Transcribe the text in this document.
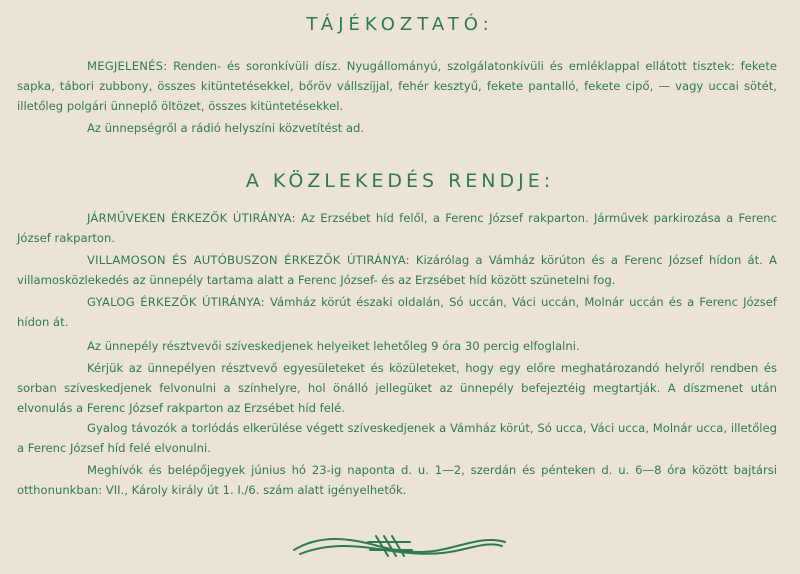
TÁJÉKOZTATÓ:

MEGJELENÉS: Renden- és soronkívüli dísz. Nyugállományú, szolgálatonkívüli és emléklappal ellátott tisztek: fekete sapka, tábori zubbony, összes kitüntetésekkel, bőröv vállszíjjal, fehér kesztyű, fekete pantalló, fekete cipő, — vagy uccai sötét, illetőleg polgári ünneplő öltözet, összes kitüntetésekkel.

Az ünnepségről a rádió helyszíni közvetítést ad.

A KÖZLEKEDÉS RENDJE:

JÁRMŰVEKEN ÉRKEZŐK ÚTIRÁNYA: Az Erzsébet híd felől, a Ferenc József rakparton. Járművek parkirozása a Ferenc József rakparton.

VILLAMOSON ÉS AUTÓBUSZON ÉRKEZŐK ÚTIRÁNYA: Kizárólag a Vámház körúton és a Ferenc József hídon át. A villamosközlekedés az ünnepély tartama alatt a Ferenc József- és az Erzsébet híd között szünetelni fog.

GYALOG ÉRKEZŐK ÚTIRÁNYA: Vámház körút északi oldalán, Só uccán, Váci uccán, Molnár uccán és a Ferenc József hídon át.

Az ünnepély résztvevői szíveskedjenek helyeiket lehetőleg 9 óra 30 percig elfoglalni.

Kérjük az ünnepélyen résztvevő egyesületeket és közületeket, hogy egy előre meghatározandó helyről rendben és sorban szíveskedjenek felvonulni a színhelyre, hol önálló jellegüket az ünnepély befejeztéig megtartják. A díszmenet után elvonulás a Ferenc József rakparton az Erzsébet híd felé.

Gyalog távozók a torlódás elkerülése végett szíveskedjenek a Vámház körút, Só ucca, Váci ucca, Molnár ucca, illetőleg a Ferenc József híd felé elvonulni.

Meghívók és belépőjegyek június hó 23-ig naponta d. u. 1—2, szerdán és pénteken d. u. 6—8 óra között bajtársi otthonunkban: VII., Károly király út 1. I./6. szám alatt igényelhetők.
